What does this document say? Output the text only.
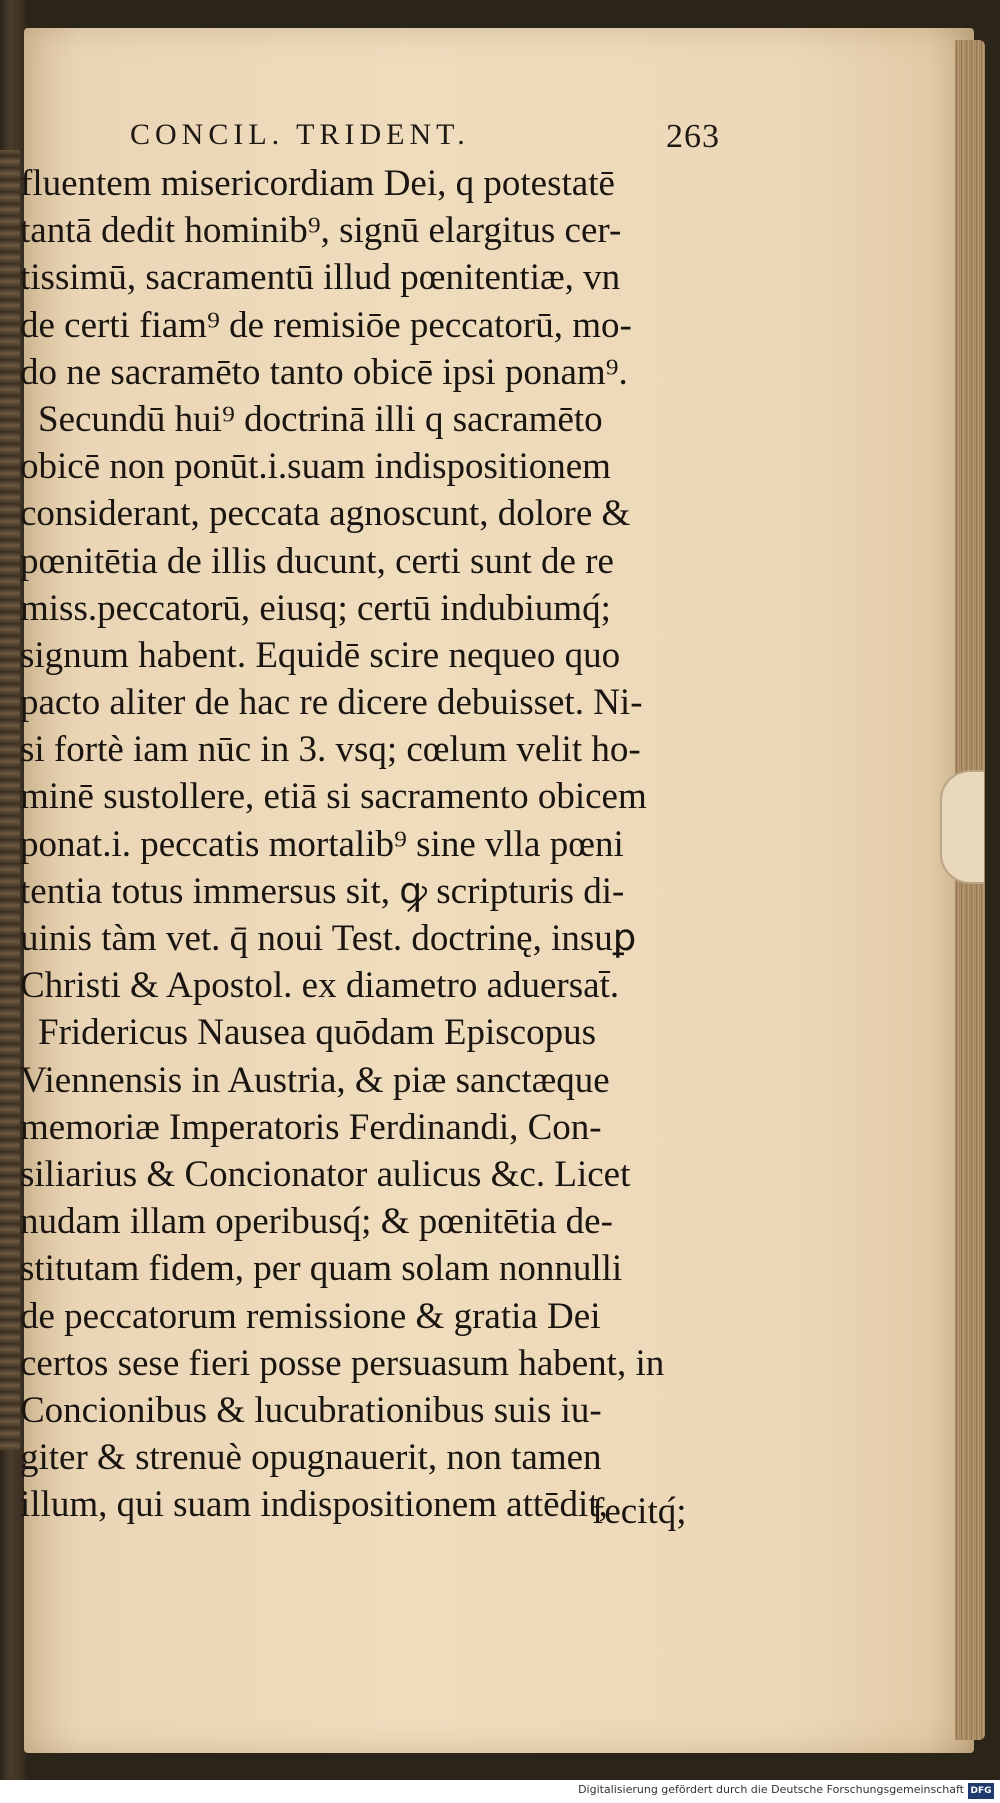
CONCIL. TRIDENT.	263
fluentem misericordiam Dei, q potestatē
tantā dedit hominib⁹, signū elargitus cer-
tissimū, sacramentū illud pœnitentiæ, vn
de certi fiam⁹ de remisiōe peccatorū, mo-
do ne sacramēto tanto obicē ipsi ponam⁹.
Secundū hui⁹ doctrinā illi q sacramēto
obicē non ponūt.i.suam indispositionem
considerant, peccata agnoscunt, dolore &
pœnitētia de illis ducunt, certi sunt de re
miss.peccatorū, eiusq; certū indubiumq́;
signum habent. Equidē scire nequeo quo
pacto aliter de hac re dicere debuisset. Ni-
si fortè iam nūc in 3. vsq; cœlum velit ho-
minē sustollere, etiā si sacramento obicem
ponat.i. peccatis mortalib⁹ sine vlla pœni
tentia totus immersus sit, ꝙ scripturis di-
uinis tàm vet. q̄ noui Test. doctrinę, insuꝑ
Christi & Apostol. ex diametro aduersat̄.
Fridericus Nausea quōdam Episcopus
Viennensis in Austria, & piæ sanctæque
memoriæ Imperatoris Ferdinandi, Con-
siliarius & Concionator aulicus &c. Licet
nudam illam operibusq́; & pœnitētia de-
stitutam fidem, per quam solam nonnulli
de peccatorum remissione & gratia Dei
certos sese fieri posse persuasum habent, in
Concionibus & lucubrationibus suis iu-
giter & strenuè opugnauerit, non tamen
illum, qui suam indispositionem attēdit,
fecitq́;
Digitalisierung gefördert durch die Deutsche Forschungsgemeinschaft DFG
